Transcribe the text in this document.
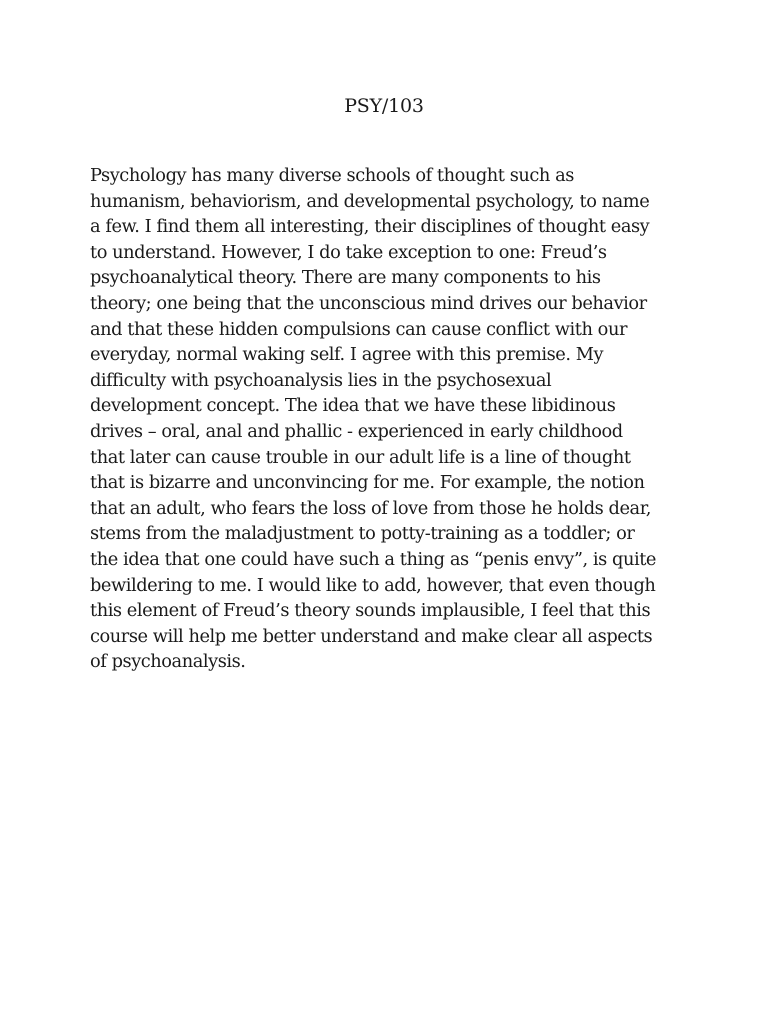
PSY/103

Psychology has many diverse schools of thought such as
humanism, behaviorism, and developmental psychology, to name
a few. I find them all interesting, their disciplines of thought easy
to understand. However, I do take exception to one: Freud’s
psychoanalytical theory. There are many components to his
theory; one being that the unconscious mind drives our behavior
and that these hidden compulsions can cause conflict with our
everyday, normal waking self. I agree with this premise. My
difficulty with psychoanalysis lies in the psychosexual
development concept. The idea that we have these libidinous
drives – oral, anal and phallic - experienced in early childhood
that later can cause trouble in our adult life is a line of thought
that is bizarre and unconvincing for me. For example, the notion
that an adult, who fears the loss of love from those he holds dear,
stems from the maladjustment to potty-training as a toddler; or
the idea that one could have such a thing as “penis envy”, is quite
bewildering to me. I would like to add, however, that even though
this element of Freud’s theory sounds implausible, I feel that this
course will help me better understand and make clear all aspects
of psychoanalysis.
